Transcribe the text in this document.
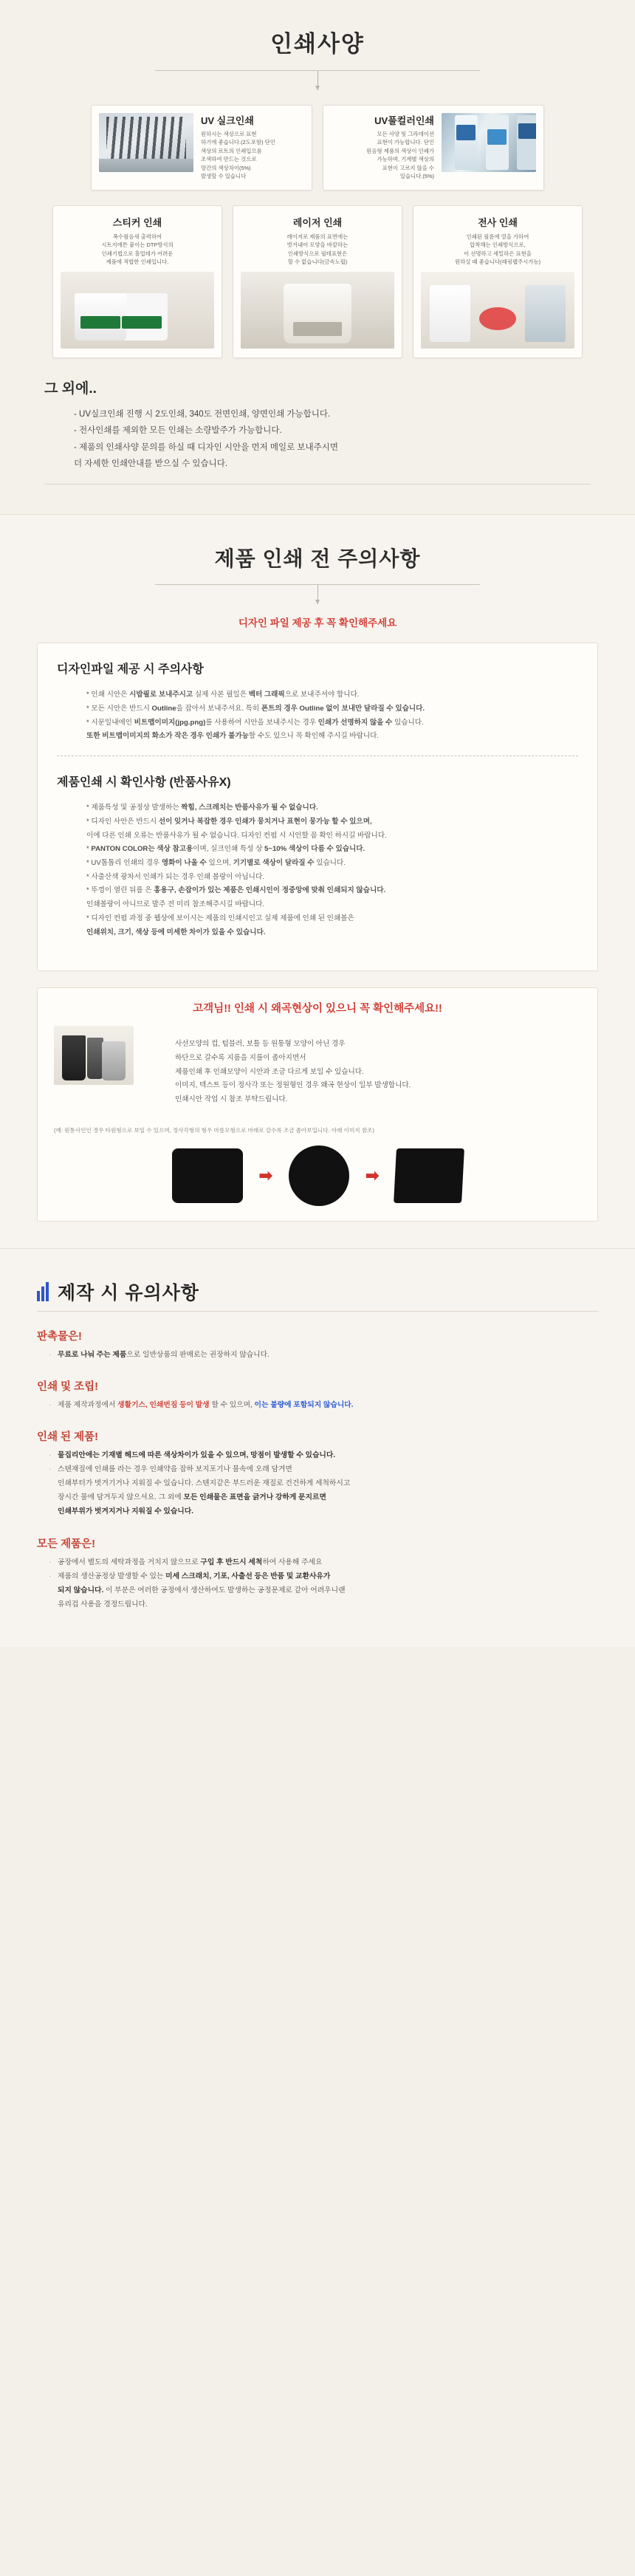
인쇄사양
UV 실크인쇄
원하시는 색상으로 표현
하기에 좋습니다.(2도포함) 단인
색상의 로트의 인쇄입므름
조색하여 만드는 것으로
망간의 색상차이(5%)
발생할 수 있습니다
UV풀컬러인쇄
모든 사양 및 그라데이션
표현이 가능합니다. 단인
원음형 제품의 색상이 인쇄가
가능하며, 기계별 색상의
표현이 고르지 않을 수
있습니다.(5%)
스티커 인쇄
폭수월음새 출력하여
시트지에튼 붙이는 DTP방식의
인쇄기법으로 홀업테가 어려운
제품에 적합한 인쇄입니다.
레이저 인쇄
레이저로 제품의 표면에는
벗겨내어 모양을 바깥하는
인쇄방식으로 필테표현은
할 수 없습니다(금속노립)
전사 인쇄
인쇄된 필름에 열을 가하여
압착해는 인쇄방식으로,
이 선명하고 세밀하은 표현을
원하실 때 좋습니다(래핑랩주시가능)
그 외에..
- UV실크인쇄 진행 시 2도인쇄, 340도 전면인쇄, 양면인쇄 가능합니다.
- 전사인쇄를 제외한 모든 인쇄는 소량발주가 가능합니다.
- 제품의 인쇄사양 문의를 하실 때 디자인 시안을 먼저 메일로 보내주시면
더 자세한 인쇄안내를 받으실 수 있습니다.
제품 인쇄 전 주의사항
디자인 파일 제공 후 꼭 확인해주세요
디자인파일 제공 시 주의사항
* 인쇄 시안은 시밥필로 보내주시고 실제 사본 필일은 벡터 그래픽으로 보내주셔야 합니다.
* 모든 시안은 반드시 Outline을 잡아서 보내주셔요. 특히 폰트의 경우 Outline 없이 보내만 달라질 수 있습니다.
* 시문일내에인 비트맵이미지(jpg.png)를 사용하여 시안을 보내주시는 경우 인쇄가 선명하지 않을 수 있습니다.
또한 비트맵이미지의 화소가 작은 경우 인쇄가 불가능할 수도 있으니 꼭 확인해 주시길 바랍니다.
제품인쇄 시 확인사항 (반품사유X)
* 제품특성 및 공정상 발생하는 짝힘, 스크레치는 반품사유가 될 수 없습니다.
* 디자인 사안은 반드시 선이 잊거나 복잡한 경우 인쇄가 뭉치거나 표현이 뭉가능 할 수 있으며,
이에 다른 인쇄 오류는 반품사유가 될 수 없습니다. 디자인 컨펌 시 시인할 꼼 확인 하시길 바랍니다.
* PANTON COLOR는 색상 참고용이며, 실크인쇄 특성 상 5~10% 색상이 다름 수 있습니다.
* UV톱톱리 인쇄의 경우 영화이 나올 수 있으며, 기기별로 색상이 달라질 수 있습니다.
* 사출산색 광차서 인쇄가 되는 경우 인쇄 볼랑이 아닙니다.
* 뚜껑이 열린 뒤름 은 홍용구, 손잡이가 있는 제품은 인쇄시인이 정중앙에 맞춰 인쇄되지 않습니다.
인쇄볼랑이 아니므로 발주 전 미리 참조해주시길 바랍니다.
* 디자인 컨펌 과정 중 웹상에 보이시는 제품의 인쇄시인고 실제 제품에 인쇄 된 인쇄볼은
인쇄위치, 크기, 색상 등에 미세한 차이가 있을 수 있습니다.
고객님!! 인쇄 시 왜곡현상이 있으니 꼭 확인해주세요!!
사선모양의 컵, 텀블러, 보틀 등 원통형 모양이 아닌 경우
하단으로 갈수록 지름을 지를이 좁아지면서
제품인쇄 후 인쇄모양이 시안과 조금 다르게 보일 수 있습니다.
이미지, 텍스트 등이 정사각 또는 정원형인 경우 왜곡 현상이 일부 발생합니다.
인쇄시안 작업 시 참조 부탁드립니다.
(예: 원통사인인 경우 타원형으로 보일 수 있으며, 정사각형의 형우 마름모형으로 마래로 갈수록 조금 좁아보입니다. 아래 이미지 참조)
➡	➡
제작 시 유의사항
판촉물은!
· 무료로 나눠 주는 제품으로 일반상품의 판매로는 권장하지 않습니다.
인쇄 및 조립!
· 제품 제작과정에서 생활기스, 인쇄번짐 등이 발생 할 수 있으며, 이는 불량에 포함되지 않습니다.
인쇄 된 제품!
· 물집리안에는 기재별 헤드에 따른 색상차이가 있을 수 있으며, 망점이 발생할 수 있습니다.
· 스텐재질에 인쇄를 라는 경우 인쇄약을 잡하 보지포기나 물속에 오래 담겨면
인쇄부터가 벗겨기거나 지워질 수 있습니다. 스텐지같은 부드러운 재질로 건건하게 세척하시고
장시간 물에 담겨두지 않으셔요. 그 외에 모든 인쇄물은 표면을 긁거나 강하게 문지르면
인쇄부위가 벗겨지거나 지워질 수 있습니다.
모든 제품은!
· 공장에서 별도의 세탁과정을 거치지 않으므로 구입 후 반드시 세척하여 사용해 주세요
· 제품의 생산공정상 발생할 수 있는 미세 스크래치, 기포, 사출선 등은 반품 및 교환사유가
되지 않습니다. 이 부분은 여러한 공정에서 생산하여도 발생하는 공정문제로 같아 어려우니랜
유리겁 사용을 경정드립니다.
